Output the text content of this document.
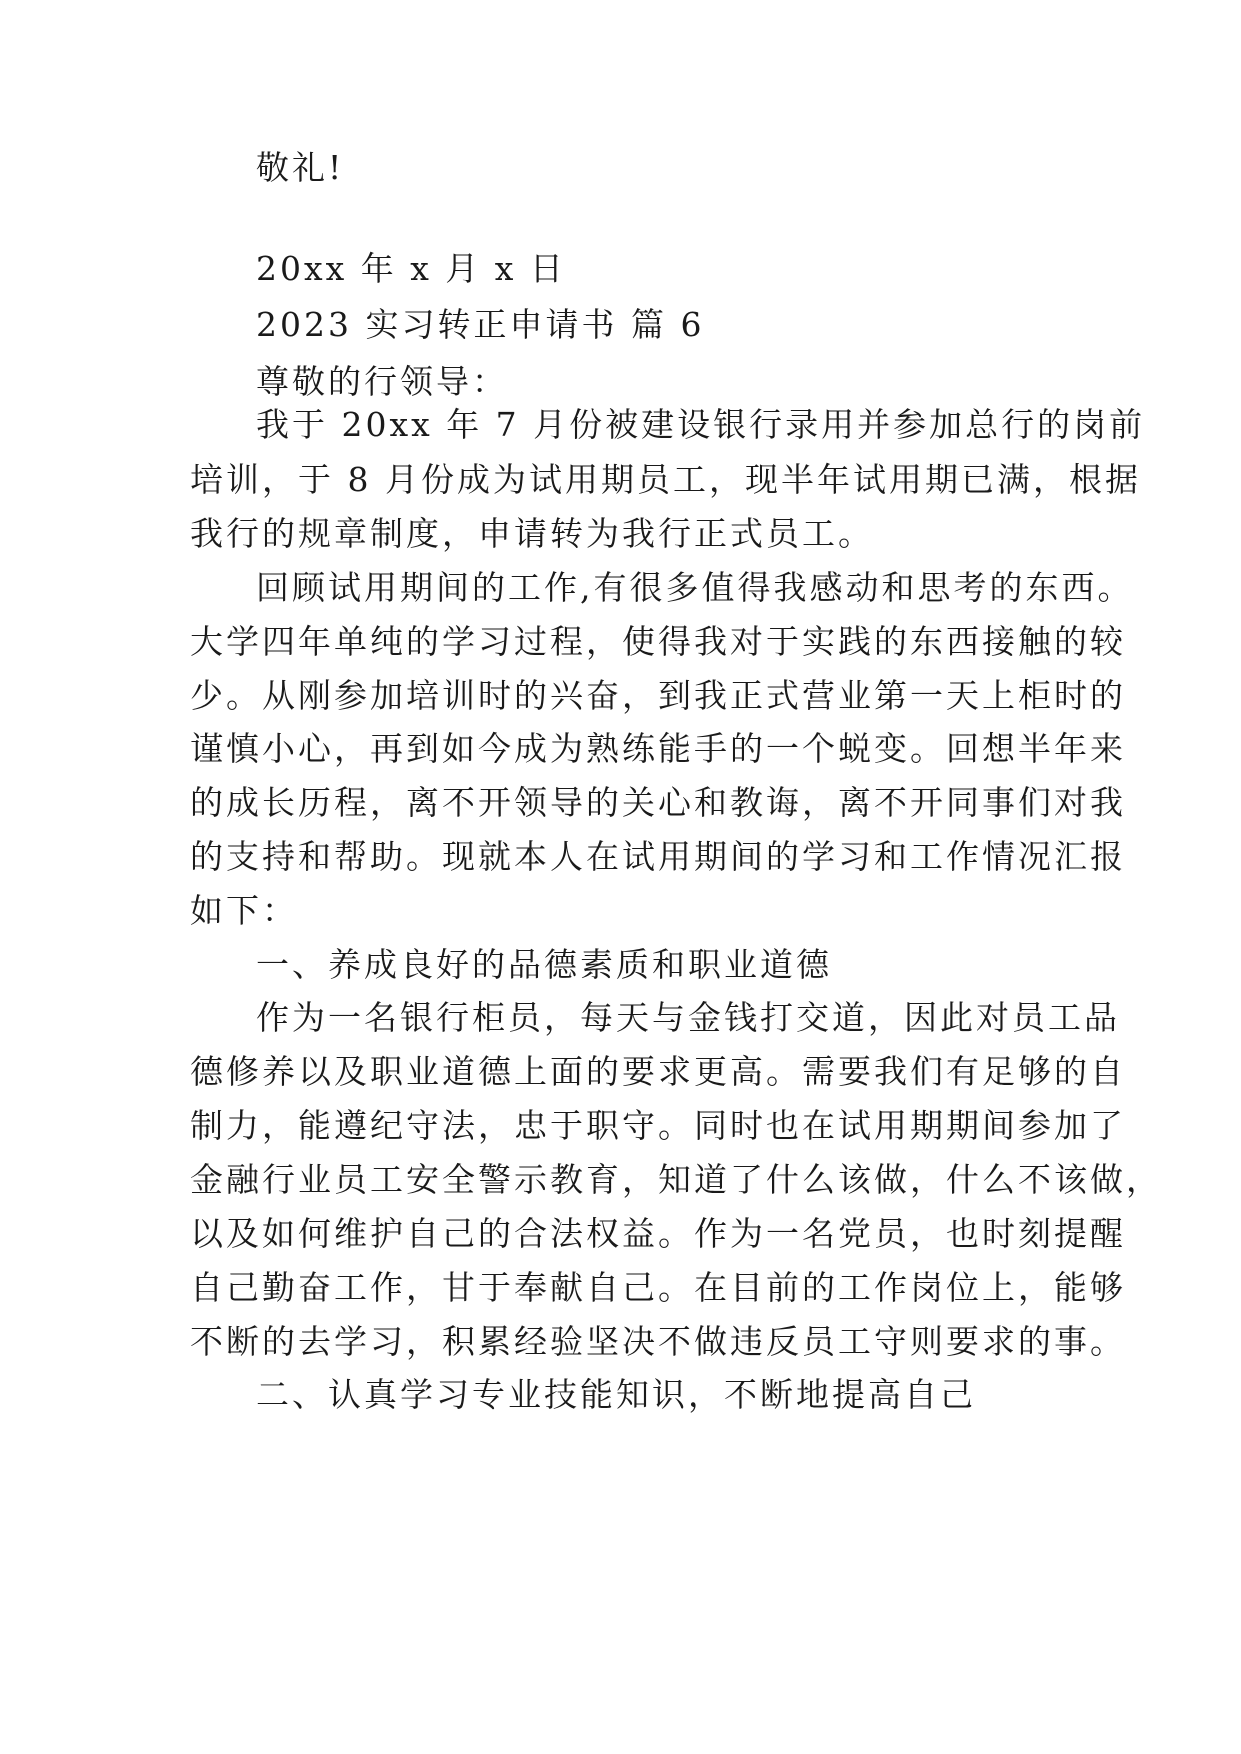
敬礼!
20xx 年 x 月 x 日
2023 实习转正申请书 篇 6
尊敬的行领导：
我于 20xx 年 7 月份被建设银行录用并参加总行的岗前
培训，于 8 月份成为试用期员工，现半年试用期已满，根据
我行的规章制度，申请转为我行正式员工。
回顾试用期间的工作,有很多值得我感动和思考的东西。
大学四年单纯的学习过程，使得我对于实践的东西接触的较
少。从刚参加培训时的兴奋，到我正式营业第一天上柜时的
谨慎小心，再到如今成为熟练能手的一个蜕变。回想半年来
的成长历程，离不开领导的关心和教诲，离不开同事们对我
的支持和帮助。现就本人在试用期间的学习和工作情况汇报
如下：
一、养成良好的品德素质和职业道德
作为一名银行柜员，每天与金钱打交道，因此对员工品
德修养以及职业道德上面的要求更高。需要我们有足够的自
制力，能遵纪守法，忠于职守。同时也在试用期期间参加了
金融行业员工安全警示教育，知道了什么该做，什么不该做，
以及如何维护自己的合法权益。作为一名党员，也时刻提醒
自己勤奋工作，甘于奉献自己。在目前的工作岗位上，能够
不断的去学习，积累经验坚决不做违反员工守则要求的事。
二、认真学习专业技能知识，不断地提高自己
